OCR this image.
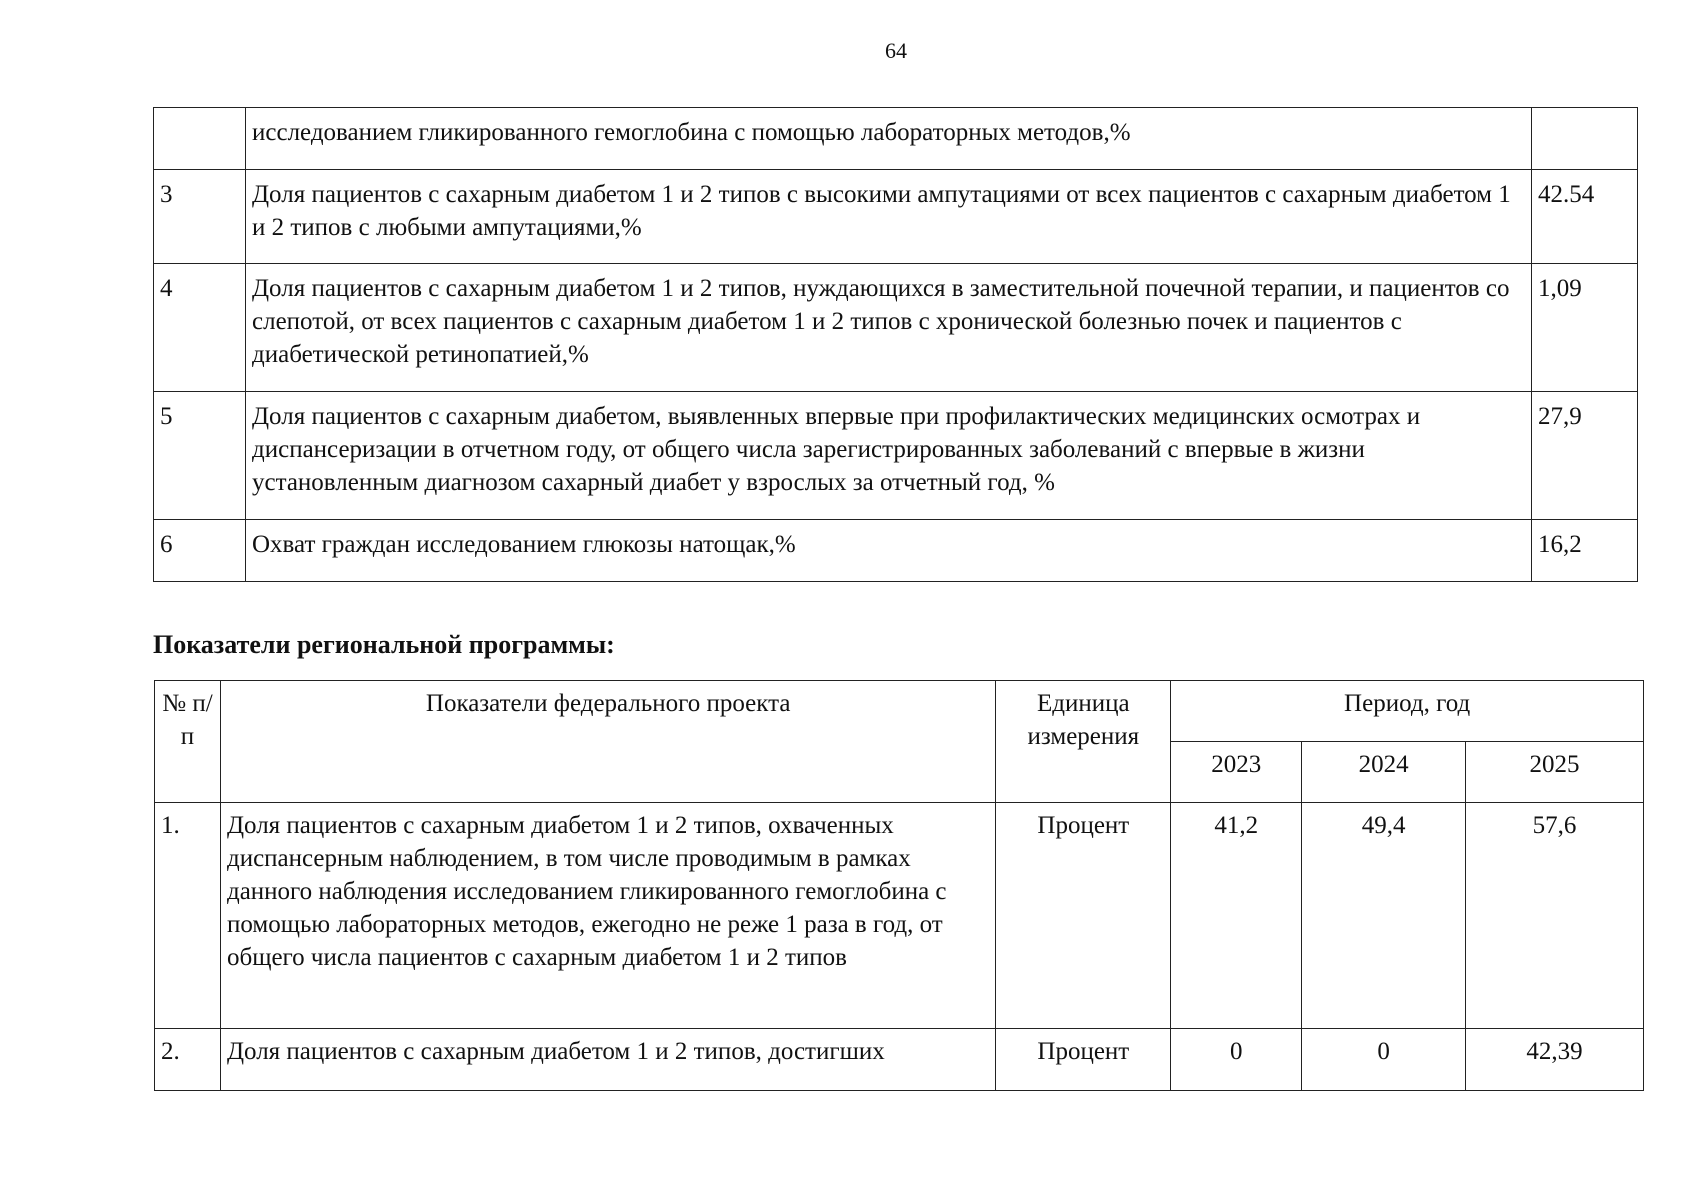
64
	исследованием гликированного гемоглобина с помощью лабораторных методов,%	
3	Доля пациентов с сахарным диабетом 1 и 2 типов с высокими ампутациями от всех пациентов с сахарным диабетом 1 и 2 типов с любыми ампутациями,%	42.54
4	Доля пациентов с сахарным диабетом 1 и 2 типов, нуждающихся в заместительной почечной терапии, и пациентов со слепотой, от всех пациентов с сахарным диабетом 1 и 2 типов с хронической болезнью почек и пациентов с диабетической ретинопатией,%	1,09
5	Доля пациентов с сахарным диабетом, выявленных впервые при профилактических медицинских осмотрах и диспансеризации в отчетном году, от общего числа зарегистрированных заболеваний с впервые в жизни установленным диагнозом сахарный диабет у взрослых за отчетный год, %	27,9
6	Охват граждан исследованием глюкозы натощак,%	16,2
Показатели региональной программы:
№ п/п	Показатели федерального проекта	Единица измерения	Период, год		
			2023	2024	2025
1.	Доля пациентов с сахарным диабетом 1 и 2 типов, охваченных диспансерным наблюдением, в том числе проводимым в рамках данного наблюдения исследованием гликированного гемоглобина с помощью лабораторных методов, ежегодно не реже 1 раза в год, от общего числа пациентов с сахарным диабетом 1 и 2 типов	Процент	41,2	49,4	57,6
2.	Доля пациентов с сахарным диабетом 1 и 2 типов, достигших	Процент	0	0	42,39
